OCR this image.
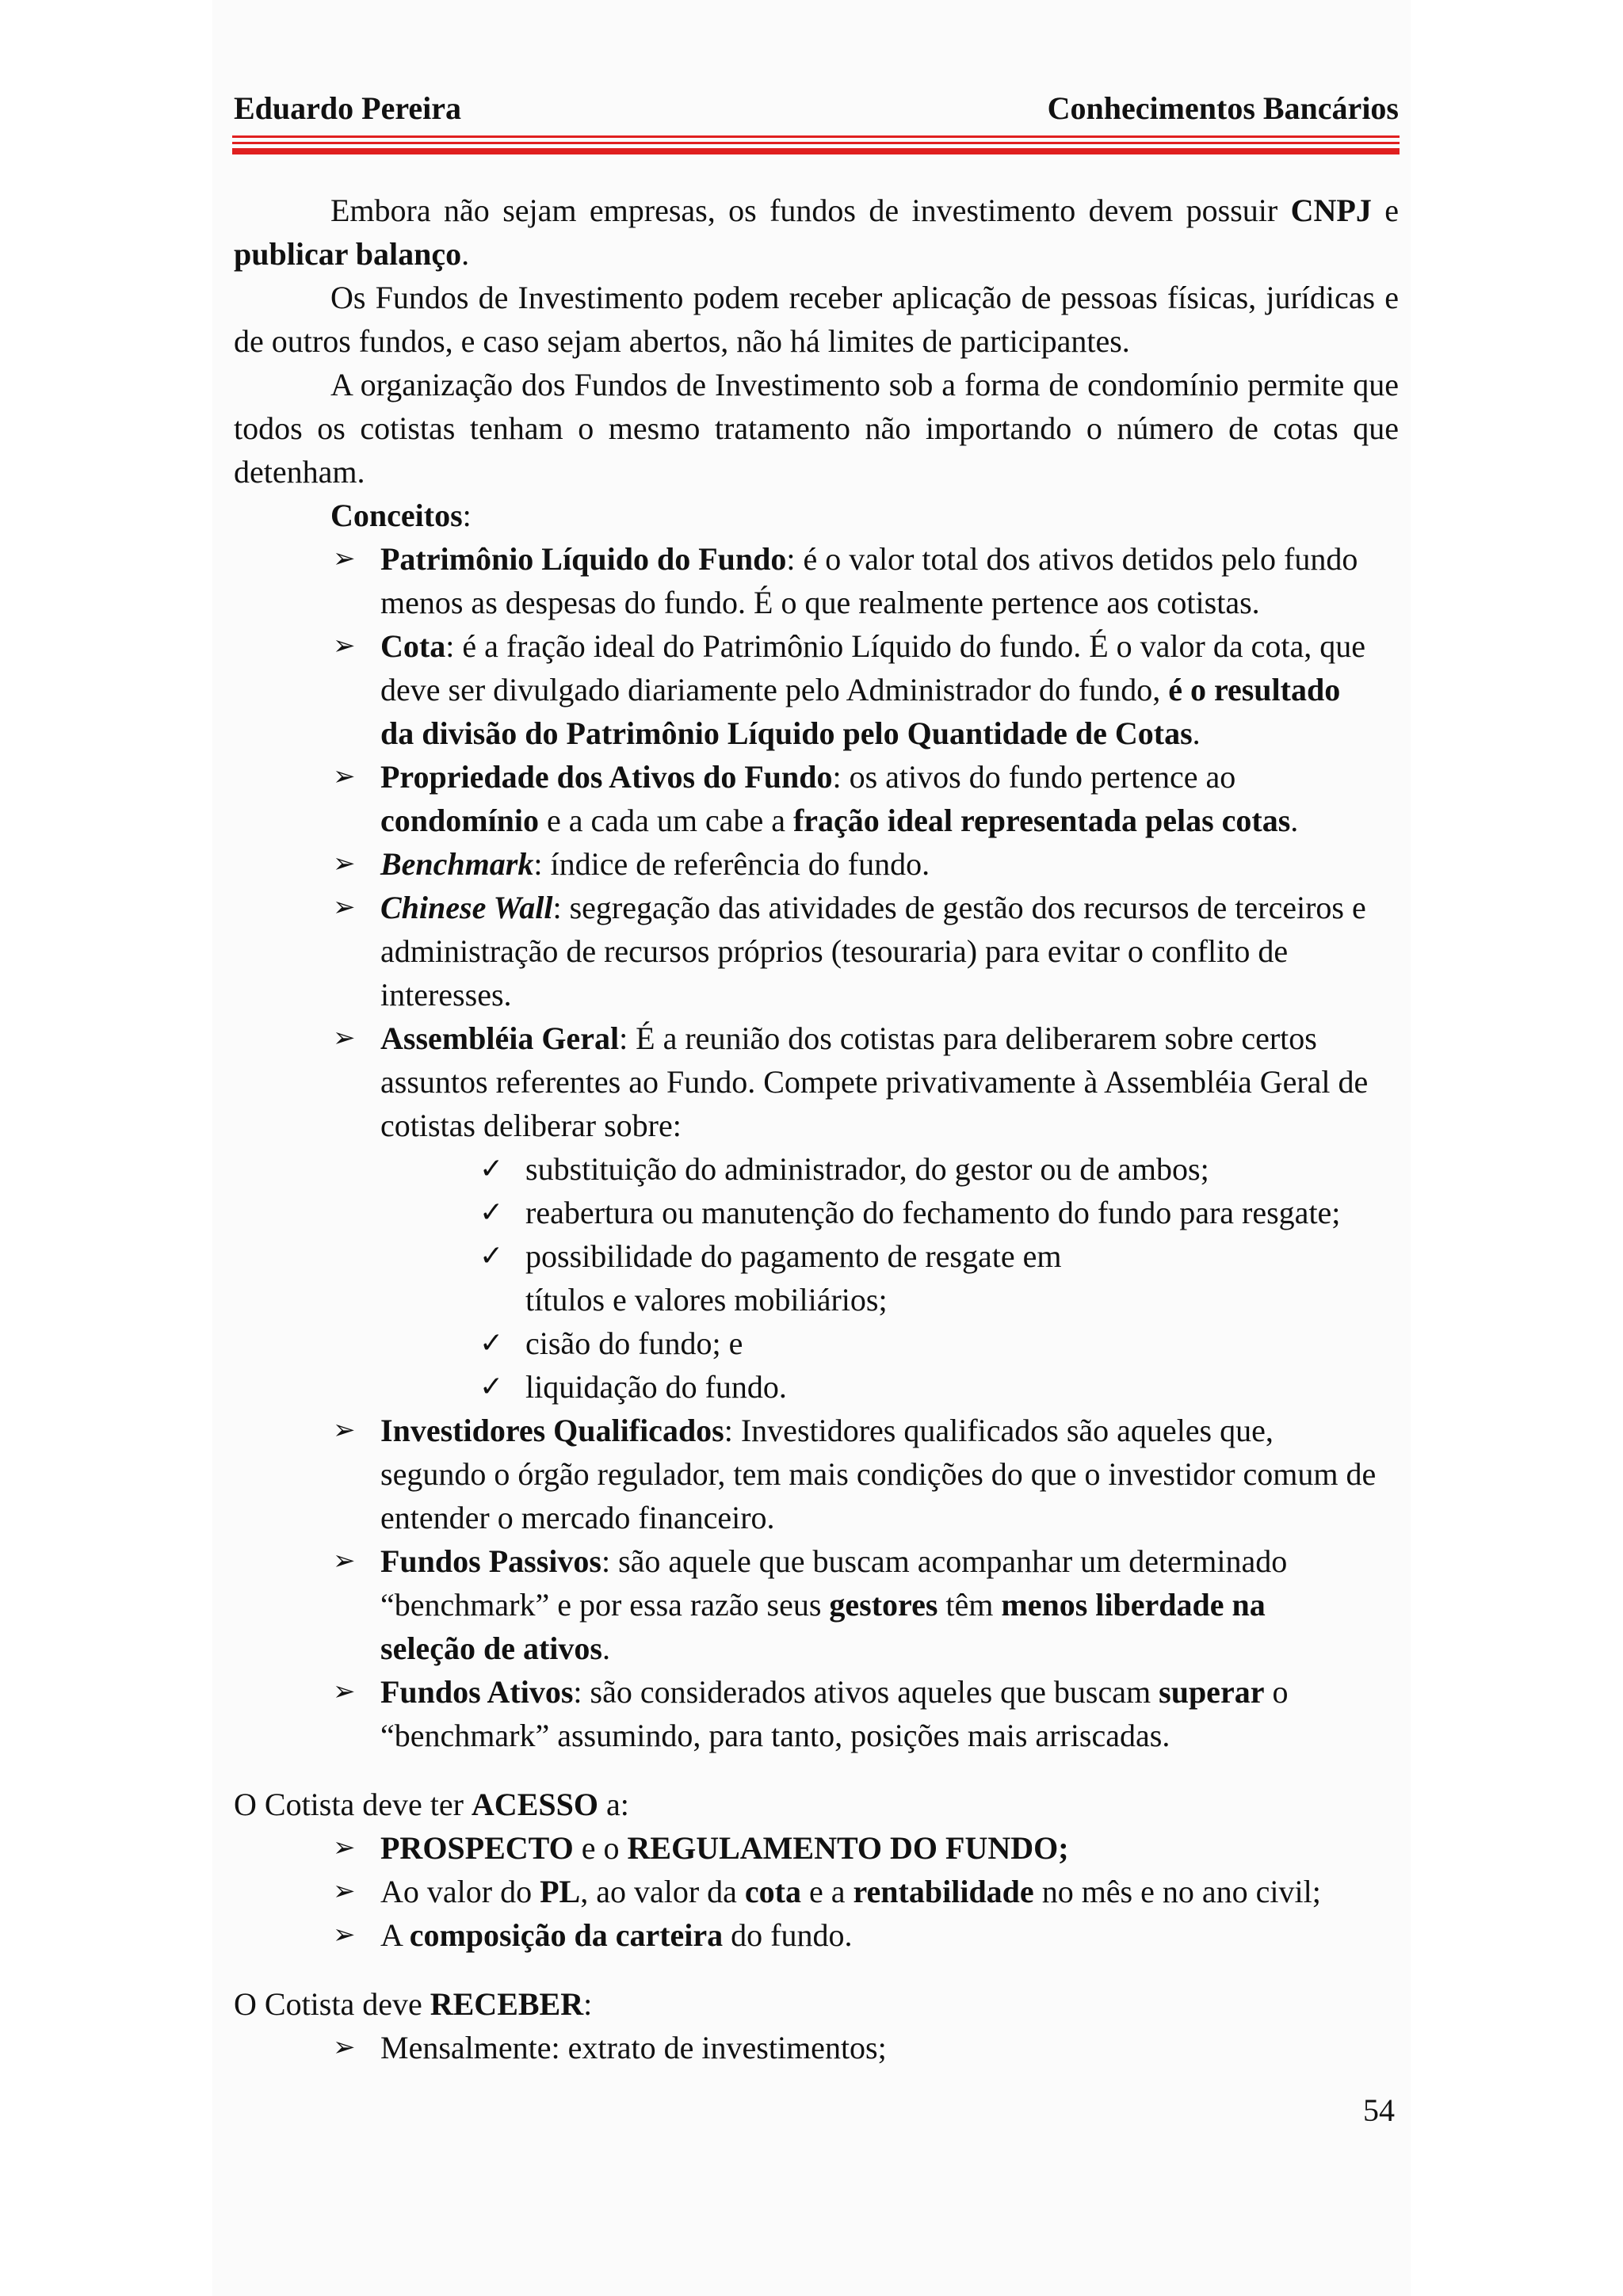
Eduardo Pereira	Conhecimentos Bancários

Embora não sejam empresas, os fundos de investimento devem possuir CNPJ e publicar balanço.

Os Fundos de Investimento podem receber aplicação de pessoas físicas, jurídicas e de outros fundos, e caso sejam abertos, não há limites de participantes.

A organização dos Fundos de Investimento sob a forma de condomínio permite que todos os cotistas tenham o mesmo tratamento não importando o número de cotas que detenham.

Conceitos:

➢ Patrimônio Líquido do Fundo: é o valor total dos ativos detidos pelo fundo menos as despesas do fundo. É o que realmente pertence aos cotistas.
➢ Cota: é a fração ideal do Patrimônio Líquido do fundo. É o valor da cota, que deve ser divulgado diariamente pelo Administrador do fundo, é o resultado da divisão do Patrimônio Líquido pelo Quantidade de Cotas.
➢ Propriedade dos Ativos do Fundo: os ativos do fundo pertence ao condomínio e a cada um cabe a fração ideal representada pelas cotas.
➢ Benchmark: índice de referência do fundo.
➢ Chinese Wall: segregação das atividades de gestão dos recursos de terceiros e administração de recursos próprios (tesouraria) para evitar o conflito de interesses.
➢ Assembléia Geral: É a reunião dos cotistas para deliberarem sobre certos assuntos referentes ao Fundo. Compete privativamente à Assembléia Geral de cotistas deliberar sobre:
✓ substituição do administrador, do gestor ou de ambos;
✓ reabertura ou manutenção do fechamento do fundo para resgate;
✓ possibilidade do pagamento de resgate em títulos e valores mobiliários;
✓ cisão do fundo; e
✓ liquidação do fundo.
➢ Investidores Qualificados: Investidores qualificados são aqueles que, segundo o órgão regulador, tem mais condições do que o investidor comum de entender o mercado financeiro.
➢ Fundos Passivos: são aquele que buscam acompanhar um determinado “benchmark” e por essa razão seus gestores têm menos liberdade na seleção de ativos.
➢ Fundos Ativos: são considerados ativos aqueles que buscam superar o “benchmark” assumindo, para tanto, posições mais arriscadas.

O Cotista deve ter ACESSO a:

➢ PROSPECTO e o REGULAMENTO DO FUNDO;
➢ Ao valor do PL, ao valor da cota e a rentabilidade no mês e no ano civil;
➢ A composição da carteira do fundo.

O Cotista deve RECEBER:

➢ Mensalmente: extrato de investimentos;
54
